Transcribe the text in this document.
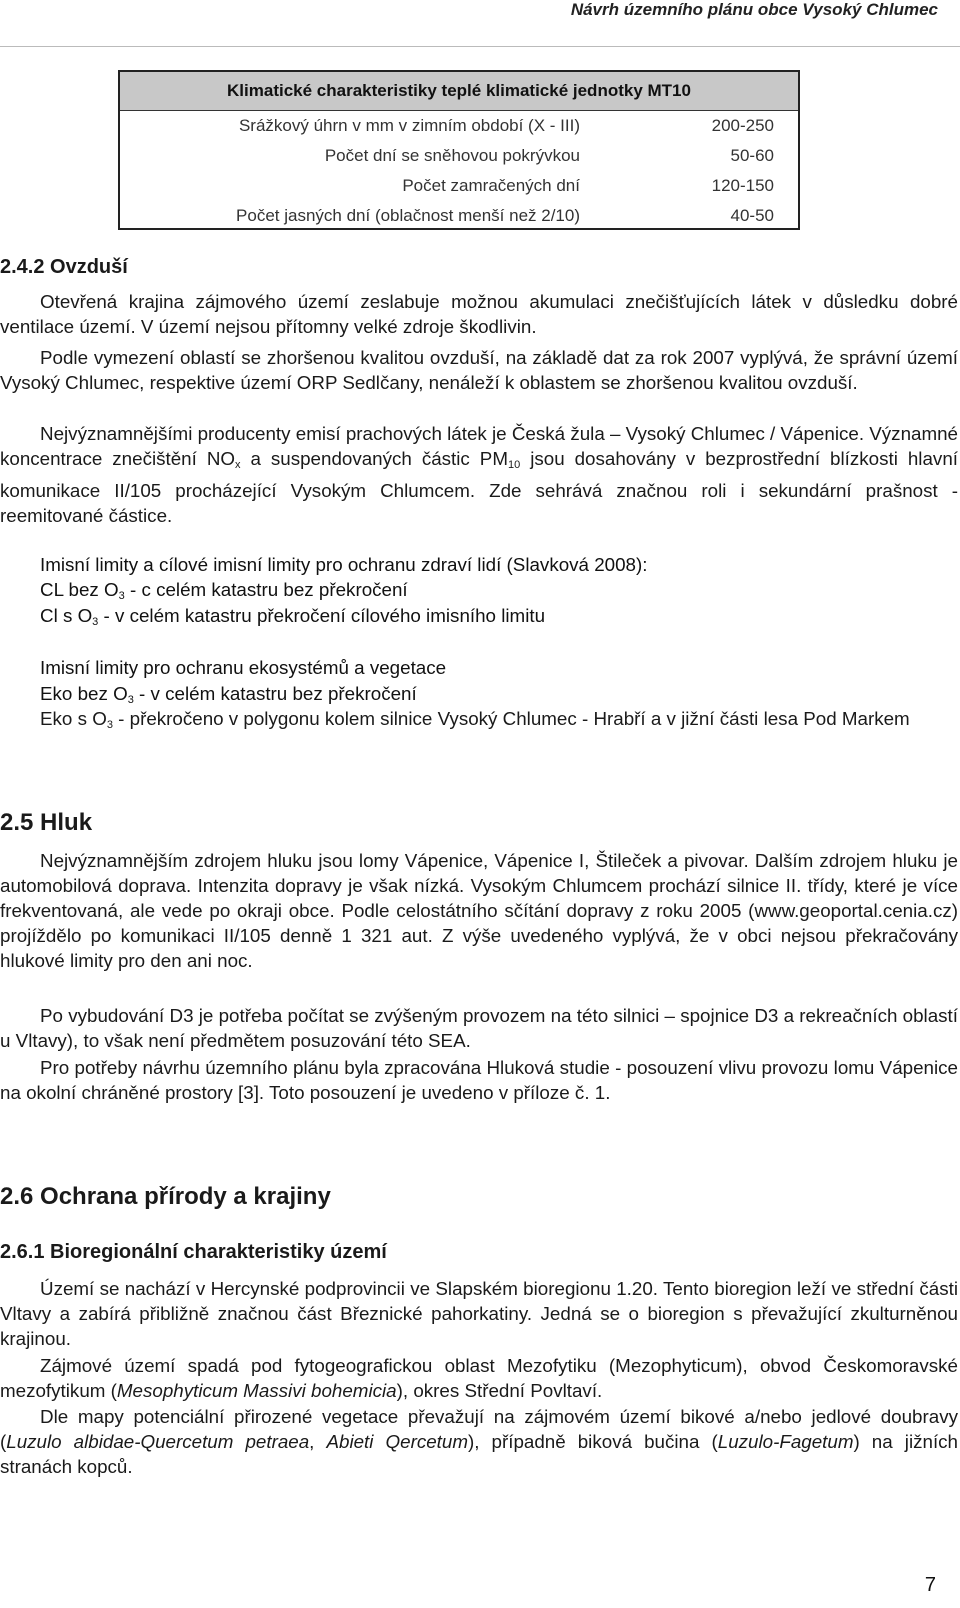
Návrh územního plánu obce Vysoký Chlumec
Klimatické charakteristiky teplé klimatické jednotky MT10
Srážkový úhrn v mm v zimním období (X - III)	200-250
Počet dní se sněhovou pokrývkou	50-60
Počet zamračených dní	120-150
Počet jasných dní (oblačnost menší než 2/10)	40-50
2.4.2 Ovzduší

Otevřená krajina zájmového území zeslabuje možnou akumulaci znečišťujících látek v důsledku dobré ventilace území. V území nejsou přítomny velké zdroje škodlivin.

Podle vymezení oblastí se zhoršenou kvalitou ovzduší, na základě dat za rok 2007 vyplývá, že správní území Vysoký Chlumec, respektive území ORP Sedlčany, nenáleží k oblastem se zhoršenou kvalitou ovzduší.

Nejvýznamnějšími producenty emisí prachových látek je Česká žula – Vysoký Chlumec / Vápenice. Významné koncentrace znečištění $NO_x$ a suspendovaných částic $PM_{10}$ jsou dosahovány v bezprostřední blízkosti hlavní komunikace II/105 procházející Vysokým Chlumcem. Zde sehrává značnou roli i sekundární prašnost - reemitované částice.

Imisní limity a cílové imisní limity pro ochranu zdraví lidí (Slavková 2008):
CL bez $O_3$ - c celém katastru bez překročení
Cl s $O_3$ - v celém katastru překročení cílového imisního limitu
Imisní limity pro ochranu ekosystémů a vegetace
Eko bez $O_3$ - v celém katastru bez překročení

Eko s $O_3$ - překročeno v polygonu kolem silnice Vysoký Chlumec - Hrabří a v jižní části lesa Pod Markem

2.5 Hluk

Nejvýznamnějším zdrojem hluku jsou lomy Vápenice, Vápenice I, Štileček a pivovar. Dalším zdrojem hluku je automobilová doprava. Intenzita dopravy je však nízká. Vysokým Chlumcem prochází silnice II. třídy, které je více frekventovaná, ale vede po okraji obce. Podle celostátního sčítání dopravy z roku 2005 (www.geoportal.cenia.cz) projíždělo po komunikaci II/105 denně 1 321 aut. Z výše uvedeného vyplývá, že v obci nejsou překračovány hlukové limity pro den ani noc.

Po vybudování D3 je potřeba počítat se zvýšeným provozem na této silnici – spojnice D3 a rekreačních oblastí u Vltavy), to však není předmětem posuzování této SEA.

Pro potřeby návrhu územního plánu byla zpracována Hluková studie - posouzení vlivu provozu lomu Vápenice na okolní chráněné prostory [3]. Toto posouzení je uvedeno v příloze č. 1.

2.6 Ochrana přírody a krajiny
2.6.1 Bioregionální charakteristiky území

Území se nachází v Hercynské podprovincii ve Slapském bioregionu 1.20. Tento bioregion leží ve střední části Vltavy a zabírá přibližně značnou část Březnické pahorkatiny. Jedná se o bioregion s převažující zkulturněnou krajinou.

Zájmové území spadá pod fytogeografickou oblast Mezofytiku (Mezophyticum), obvod Českomoravské mezofytikum (Mesophyticum Massivi bohemicia), okres Střední Povltaví.

Dle mapy potenciální přirozené vegetace převažují na zájmovém území bikové a/nebo jedlové doubravy (Luzulo albidae-Quercetum petraea, Abieti Qercetum), případně biková bučina (Luzulo-Fagetum) na jižních stranách kopců.

7
